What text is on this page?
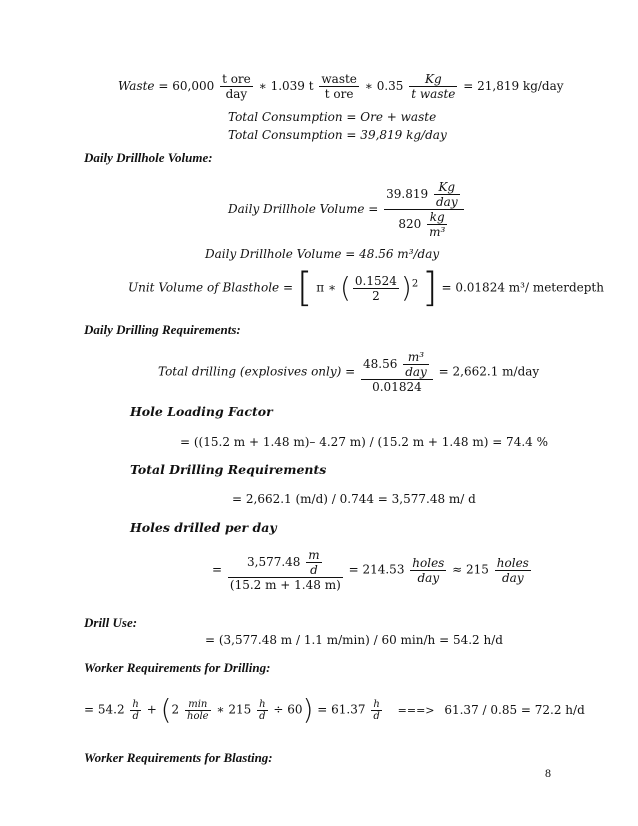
Waste = $60,000 \frac{\text{t ore}}{\text{day}}$ ∗ 1.039 t $\frac{\text{waste}}{\text{t ore}}$ ∗ $0.35 \frac{Kg}{\text{t waste}} = 21,819$ kg/day
Total Consumption = Ore + waste
Total Consumption = 39,819 kg/day
Daily Drillhole Volume:
Daily Drillhole Volume = $\frac{39.819 \frac{Kg}{\text{day}}}{820 \frac{kg}{\text{m³}}}$
Daily Drillhole Volume = 48.56 m³/day
Unit Volume of Blasthole = [ π ∗ ( $\frac{0.1524}{2} )^2$ ] = 0.01824 m³/ meterdepth
Daily Drilling Requirements:
Total drilling (explosives only) = $\frac{48.56 \frac{\text{m³}}{\text{day}}}{0.01824} = 2,662.1$ m/day
Hole Loading Factor
= ((15.2 m + 1.48 m)– 4.27 m) / (15.2 m + 1.48 m) = 74.4 %
Total Drilling Requirements
= 2,662.1 (m/d) / 0.744 = 3,577.48 m/ d
Holes drilled per day
= $\frac{3,577.48 \frac{m}{d}}{(15.2 m + 1.48 m)} = 214.53 \frac{\text{holes}}{\text{day}} \approx 215 \frac{\text{holes}}{\text{day}}$
Drill Use:
= (3,577.48 m / 1.1 m/min) / 60 min/h = 54.2 h/d
Worker Requirements for Drilling:
= $54.2 \frac{h}{d} + (2 \frac{\min}{\text{hole}}$ ∗ $215 \frac{h}{d} \div 60) = 61.37 \frac{h}{d}$ ===> 61.37 / 0.85 = 72.2 h/d
Worker Requirements for Blasting:
8
